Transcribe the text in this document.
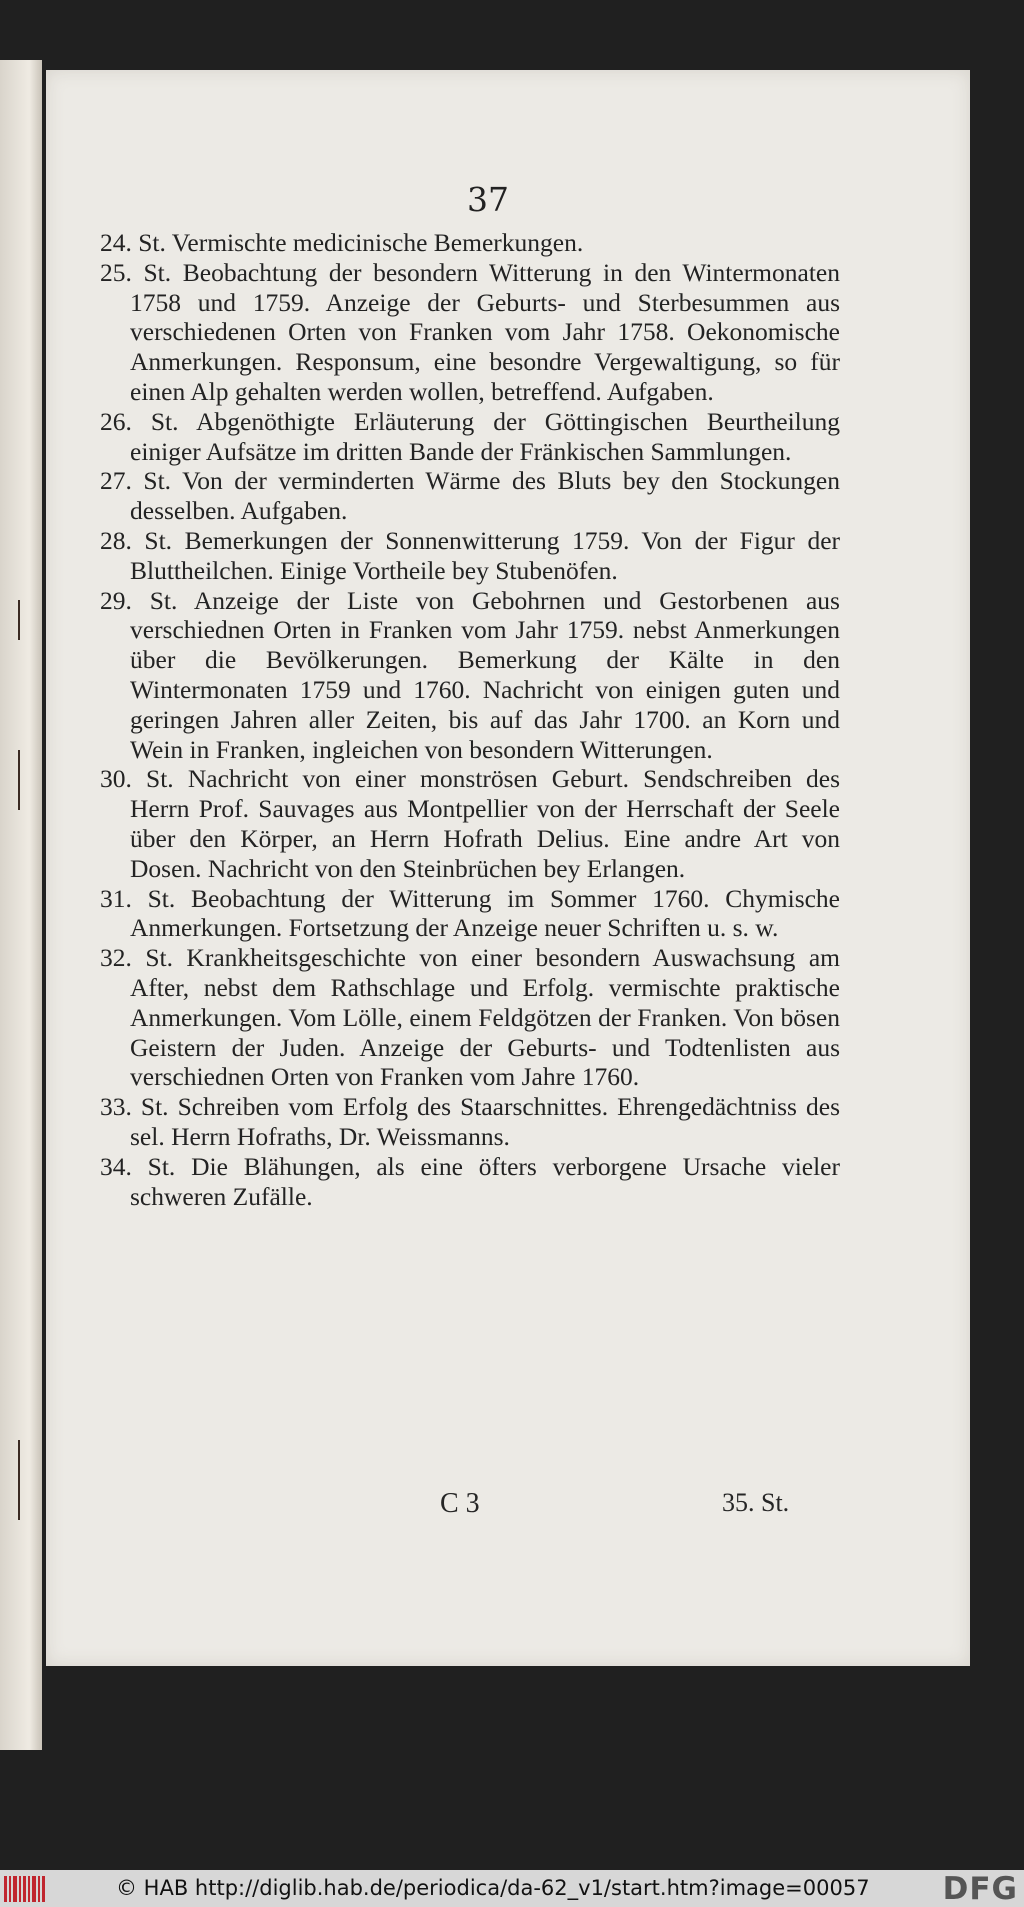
37

24. St. Vermischte medicinische Bemerkungen.

25. St. Beobachtung der besondern Witterung in den Wintermonaten 1758 und 1759. Anzeige der Geburts- und Sterbesummen aus verschiedenen Orten von Franken vom Jahr 1758. Oekonomische Anmerkungen. Responsum, eine besondre Vergewaltigung, so für einen Alp gehalten werden wollen, betreffend. Aufgaben.

26. St. Abgenöthigte Erläuterung der Göttingischen Beurtheilung einiger Aufsätze im dritten Bande der Fränkischen Sammlungen.

27. St. Von der verminderten Wärme des Bluts bey den Stockungen desselben. Aufgaben.

28. St. Bemerkungen der Sonnenwitterung 1759. Von der Figur der Bluttheilchen. Einige Vortheile bey Stubenöfen.

29. St. Anzeige der Liste von Gebohrnen und Gestorbenen aus verschiednen Orten in Franken vom Jahr 1759. nebst Anmerkungen über die Bevölkerungen. Bemerkung der Kälte in den Wintermonaten 1759 und 1760. Nachricht von einigen guten und geringen Jahren aller Zeiten, bis auf das Jahr 1700. an Korn und Wein in Franken, ingleichen von besondern Witterungen.

30. St. Nachricht von einer monströsen Geburt. Sendschreiben des Herrn Prof. Sauvages aus Montpellier von der Herrschaft der Seele über den Körper, an Herrn Hofrath Delius. Eine andre Art von Dosen. Nachricht von den Steinbrüchen bey Erlangen.

31. St. Beobachtung der Witterung im Sommer 1760. Chymische Anmerkungen. Fortsetzung der Anzeige neuer Schriften u. s. w.

32. St. Krankheitsgeschichte von einer besondern Auswachsung am After, nebst dem Rathschlage und Erfolg. vermischte praktische Anmerkungen. Vom Lölle, einem Feldgötzen der Franken. Von bösen Geistern der Juden. Anzeige der Geburts- und Todtenlisten aus verschiednen Orten von Franken vom Jahre 1760.

33. St. Schreiben vom Erfolg des Staarschnittes. Ehrengedächtniss des sel. Herrn Hofraths, Dr. Weissmanns.

34. St. Die Blähungen, als eine öfters verborgene Ursache vieler schweren Zufälle.

C 3	35. St.
© HAB http://diglib.hab.de/periodica/da-62_v1/start.htm?image=00057 DFG
